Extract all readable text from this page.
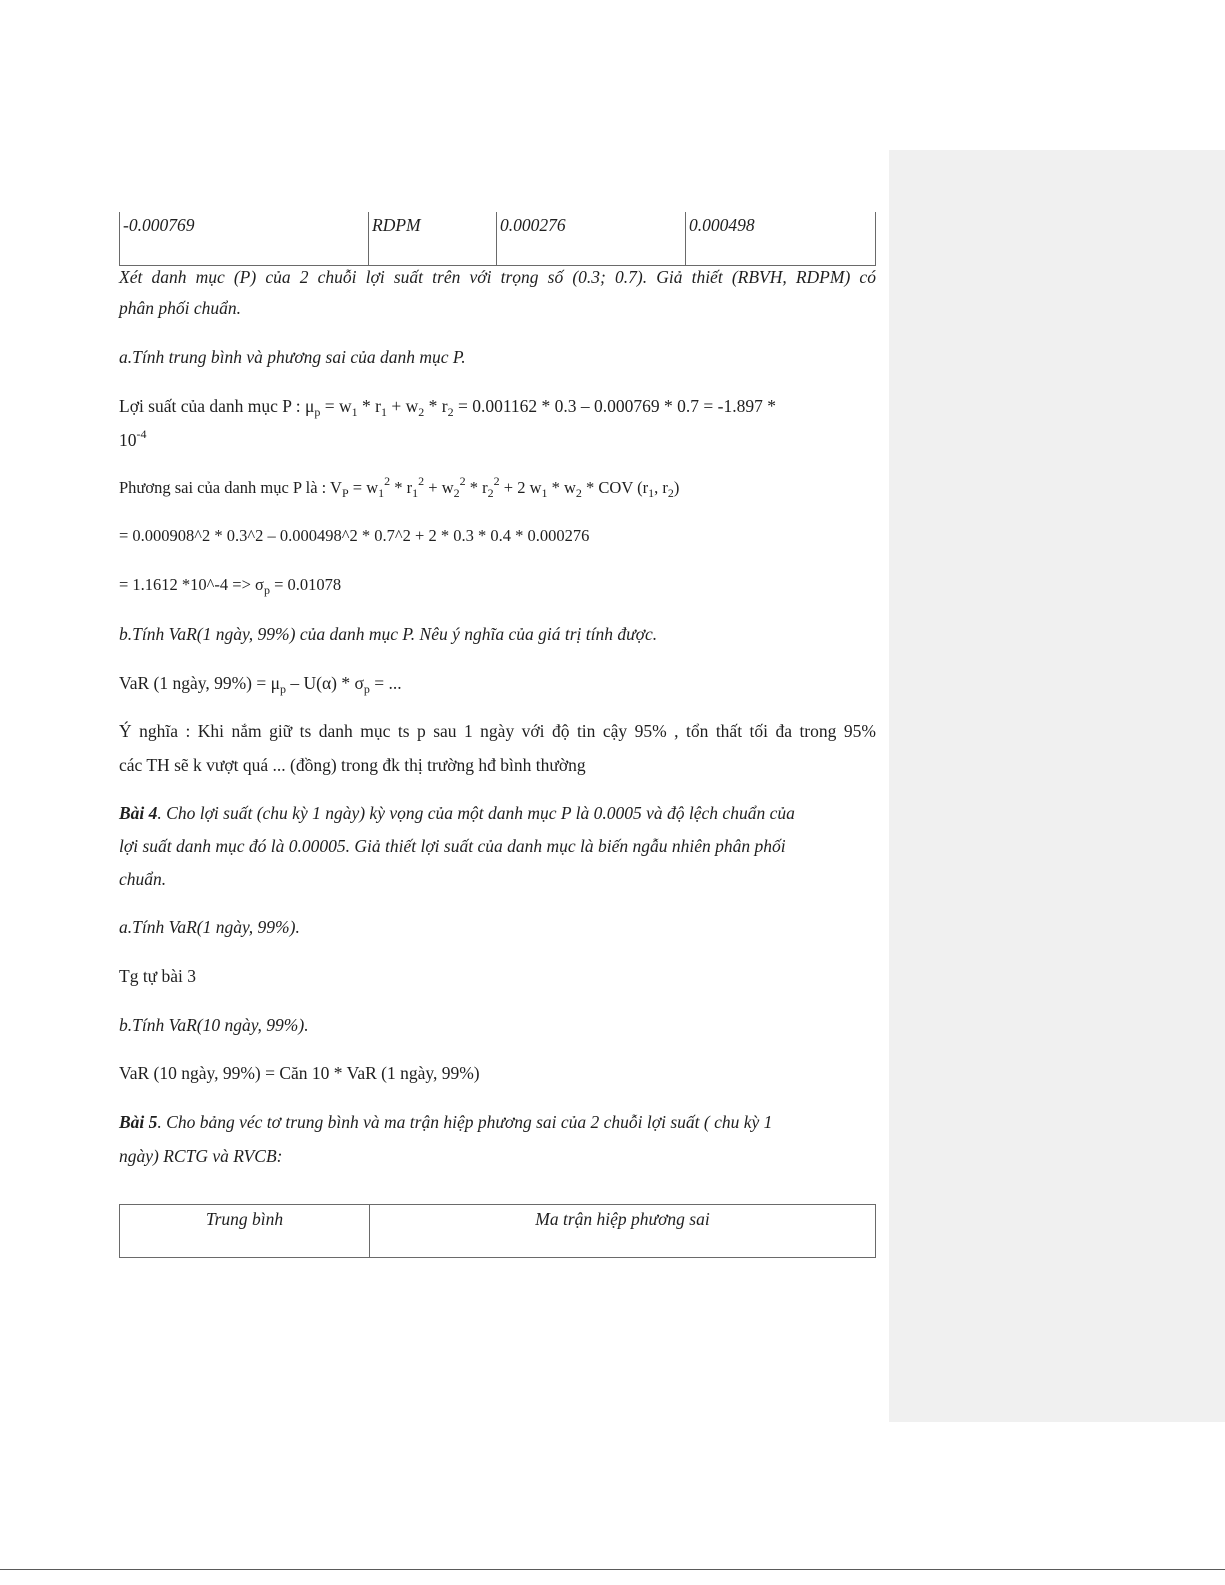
-0.000769	RDPM	0.000276	0.000498
Xét danh mục (P) của 2 chuỗi lợi suất trên với trọng số (0.3; 0.7). Giả thiết (RBVH, RDPM) có
phân phối chuẩn.
a.Tính trung bình và phương sai của danh mục P.
Lợi suất của danh mục P : $\mu_p = w_1 * r_1 + w_2 * r_2 = 0.001162 * 0.3 - 0.000769 * 0.7 = -1.897$ *
$10^{-4}$
Phương sai của danh mục P là : $V_P = w_1^2 * r_1^2 + w_2^2 * r_2^2 + 2$ $w_1 * w_2$ * COV ($r_1$, $r_2$)
= 0.000908^2 * 0.3^2 – 0.000498^2 * 0.7^2 + 2 * 0.3 * 0.4 * 0.000276
= 1.1612 *10^-4 => $\sigma_p = 0.01078$
b.Tính VaR(1 ngày, 99%) của danh mục P. Nêu ý nghĩa của giá trị tính được.
VaR (1 ngày, $99\%) = \mu_p - U(\alpha) * \sigma_p$ = ...
Ý nghĩa : Khi nắm giữ ts danh mục ts p sau 1 ngày với độ tin cậy 95% , tổn thất tối đa trong 95%
các TH sẽ k vượt quá ... (đồng) trong đk thị trường hđ bình thường
Bài 4. Cho lợi suất (chu kỳ 1 ngày) kỳ vọng của một danh mục P là 0.0005 và độ lệch chuẩn của
lợi suất danh mục đó là 0.00005. Giả thiết lợi suất của danh mục là biến ngẫu nhiên phân phối
chuẩn.
a.Tính VaR(1 ngày, 99%).
Tg tự bài 3
b.Tính VaR(10 ngày, 99%).
VaR (10 ngày, 99%) = Căn 10 * VaR (1 ngày, 99%)
Bài 5. Cho bảng véc tơ trung bình và ma trận hiệp phương sai của 2 chuỗi lợi suất ( chu kỳ 1
ngày) RCTG và RVCB:
Trung bình	Ma trận hiệp phương sai
